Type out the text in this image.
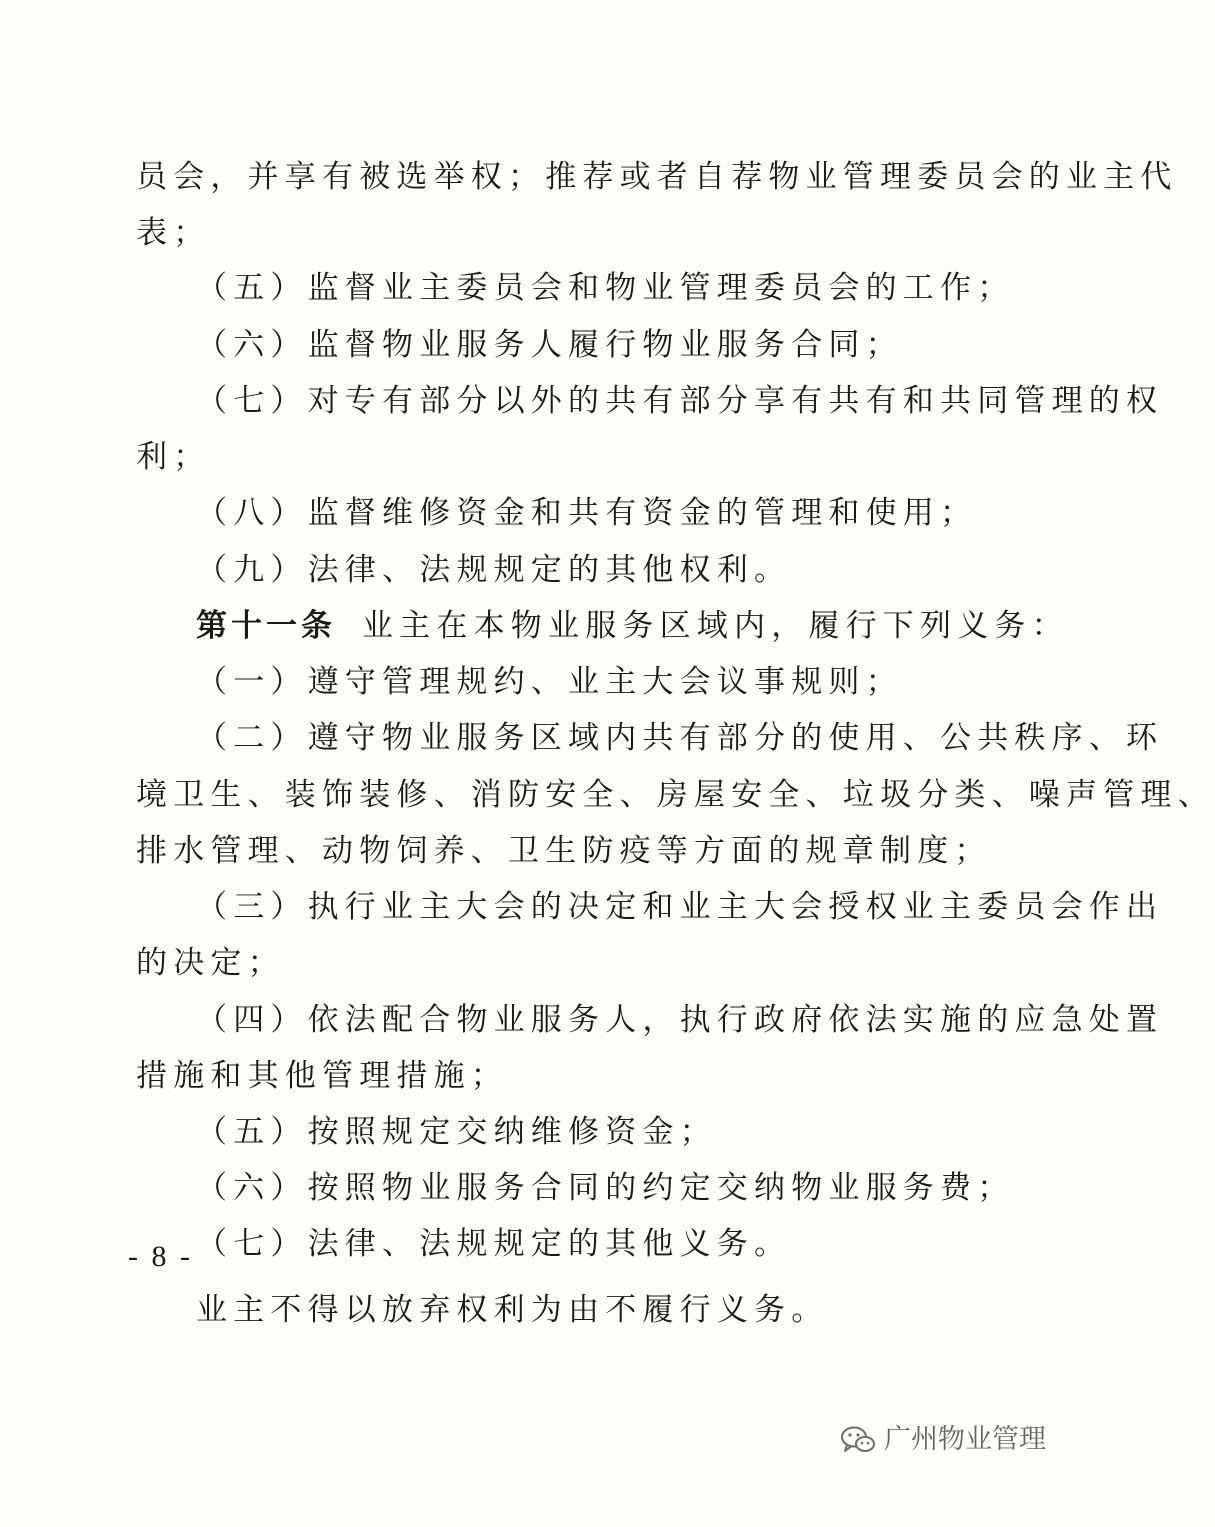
员会，并享有被选举权；推荐或者自荐物业管理委员会的业主代
表；
（五）监督业主委员会和物业管理委员会的工作；
（六）监督物业服务人履行物业服务合同；
（七）对专有部分以外的共有部分享有共有和共同管理的权
利；
（八）监督维修资金和共有资金的管理和使用；
（九）法律、法规规定的其他权利。
第十一条 业主在本物业服务区域内，履行下列义务：
（一）遵守管理规约、业主大会议事规则；
（二）遵守物业服务区域内共有部分的使用、公共秩序、环
境卫生、装饰装修、消防安全、房屋安全、垃圾分类、噪声管理、
排水管理、动物饲养、卫生防疫等方面的规章制度；
（三）执行业主大会的决定和业主大会授权业主委员会作出
的决定；
（四）依法配合物业服务人，执行政府依法实施的应急处置
措施和其他管理措施；
（五）按照规定交纳维修资金；
（六）按照物业服务合同的约定交纳物业服务费；
（七）法律、法规规定的其他义务。
业主不得以放弃权利为由不履行义务。
- 8 -
广州物业管理
